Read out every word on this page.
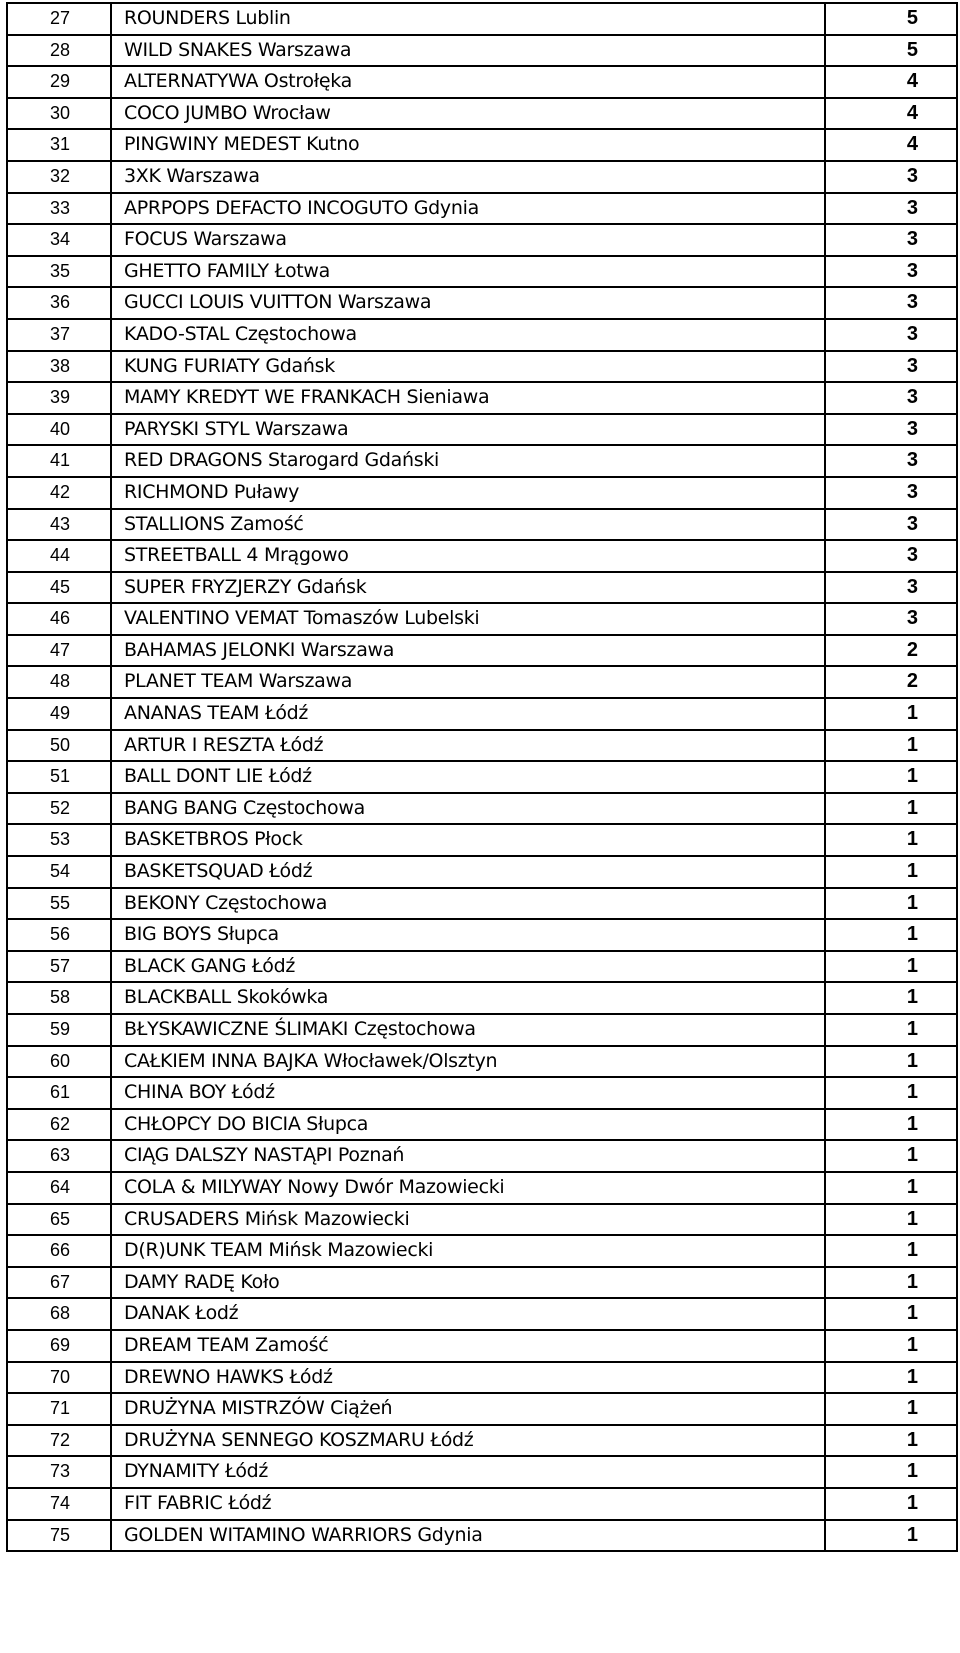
27	ROUNDERS Lublin	5
28	WILD SNAKES Warszawa	5
29	ALTERNATYWA Ostrołęka	4
30	COCO JUMBO Wrocław	4
31	PINGWINY MEDEST Kutno	4
32	3XK Warszawa	3
33	APRPOPS DEFACTO INCOGUTO Gdynia	3
34	FOCUS Warszawa	3
35	GHETTO FAMILY Łotwa	3
36	GUCCI LOUIS VUITTON Warszawa	3
37	KADO-STAL Częstochowa	3
38	KUNG FURIATY Gdańsk	3
39	MAMY KREDYT WE FRANKACH Sieniawa	3
40	PARYSKI STYL Warszawa	3
41	RED DRAGONS Starogard Gdański	3
42	RICHMOND Puławy	3
43	STALLIONS Zamość	3
44	STREETBALL 4 Mrągowo	3
45	SUPER FRYZJERZY Gdańsk	3
46	VALENTINO VEMAT Tomaszów Lubelski	3
47	BAHAMAS JELONKI Warszawa	2
48	PLANET TEAM Warszawa	2
49	ANANAS TEAM Łódź	1
50	ARTUR I RESZTA Łódź	1
51	BALL DONT LIE Łódź	1
52	BANG BANG Częstochowa	1
53	BASKETBROS Płock	1
54	BASKETSQUAD Łódź	1
55	BEKONY Częstochowa	1
56	BIG BOYS Słupca	1
57	BLACK GANG Łódź	1
58	BLACKBALL Skokówka	1
59	BŁYSKAWICZNE ŚLIMAKI Częstochowa	1
60	CAŁKIEM INNA BAJKA Włocławek/Olsztyn	1
61	CHINA BOY Łódź	1
62	CHŁOPCY DO BICIA Słupca	1
63	CIĄG DALSZY NASTĄPI Poznań	1
64	COLA & MILYWAY Nowy Dwór Mazowiecki	1
65	CRUSADERS Mińsk Mazowiecki	1
66	D(R)UNK TEAM Mińsk Mazowiecki	1
67	DAMY RADĘ Koło	1
68	DANAK Łodź	1
69	DREAM TEAM Zamość	1
70	DREWNO HAWKS Łódź	1
71	DRUŻYNA MISTRZÓW Ciążeń	1
72	DRUŻYNA SENNEGO KOSZMARU Łódź	1
73	DYNAMITY Łódź	1
74	FIT FABRIC Łódź	1
75	GOLDEN WITAMINO WARRIORS Gdynia	1
